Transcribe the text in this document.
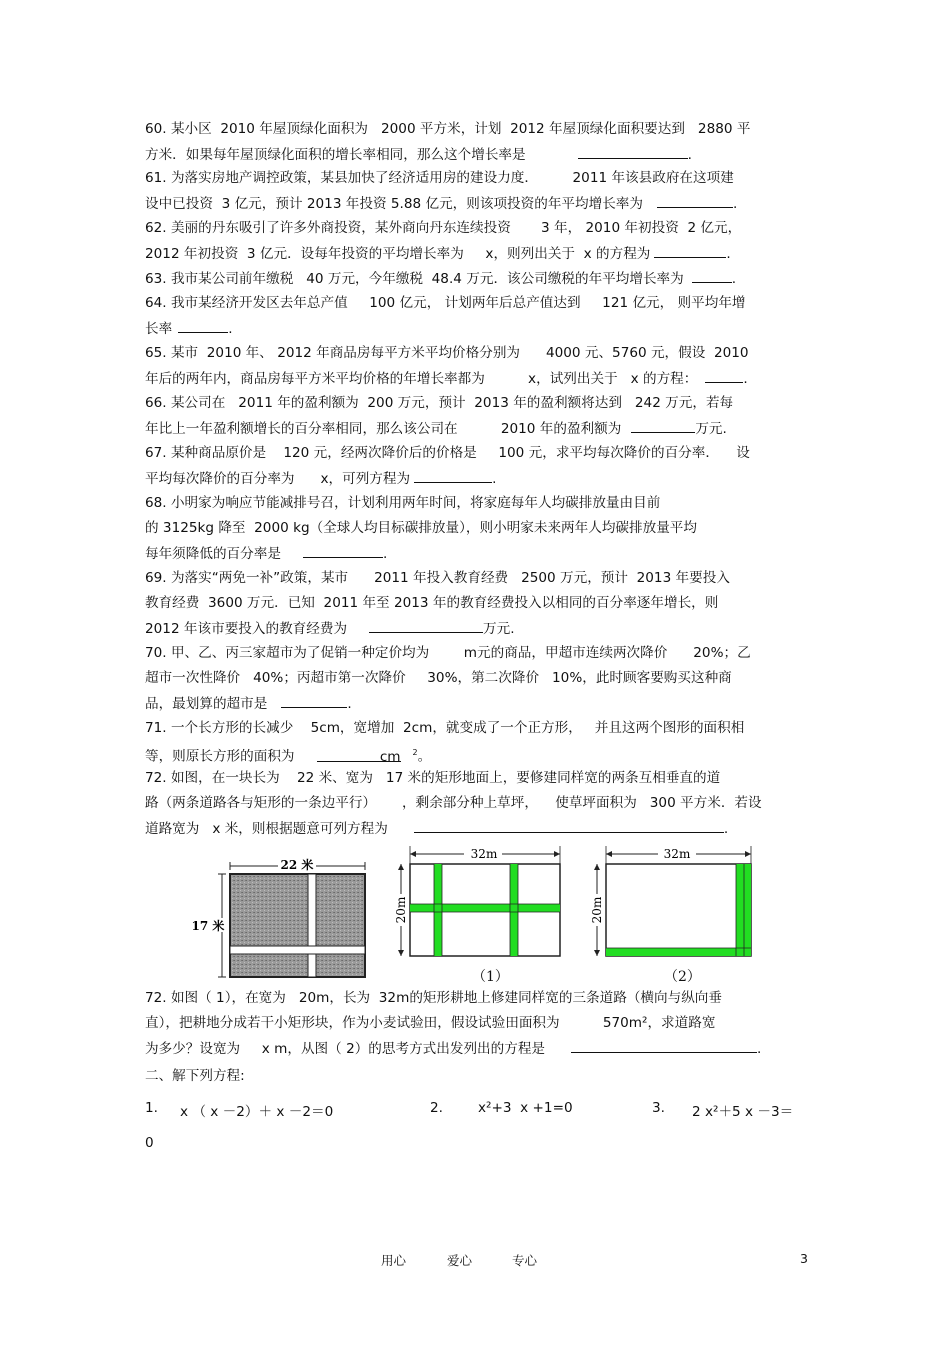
60. 某小区  2010 年屋顶绿化面积为   2000 平方米，计划  2012 年屋顶绿化面积要达到   2880 平
方米．如果每年屋顶绿化面积的增长率相同，那么这个增长率是	.
61. 为落实房地产调控政策，某县加快了经济适用房的建设力度．        2011 年该县政府在这项建
设中已投资  3 亿元，预计 2013 年投资 5.88 亿元，则该项投资的年平均增长率为	.
62. 美丽的丹东吸引了许多外商投资，某外商向丹东连续投资       3 年， 2010 年初投资  2 亿元，
2012 年初投资  3 亿元．设每年投资的平均增长率为     x，则列出关于  x 的方程为	.
63. 我市某公司前年缴税   40 万元，今年缴税  48.4 万元．该公司缴税的年平均增长率为	.
64. 我市某经济开发区去年总产值     100 亿元， 计划两年后总产值达到     121 亿元， 则平均年增
长率	.
65. 某市  2010 年、 2012 年商品房每平方米平均价格分别为      4000 元、5760 元，假设  2010
年后的两年内，商品房每平方米平均价格的年增长率都为          x，试列出关于   x 的方程：	.
66. 某公司在   2011 年的盈利额为  200 万元，预计  2013 年的盈利额将达到   242 万元，若每
年比上一年盈利额增长的百分率相同，那么该公司在          2010 年的盈利额为	万元.
67. 某种商品原价是    120 元，经两次降价后的价格是     100 元，求平均每次降价的百分率．    设
平均每次降价的百分率为      x，可列方程为	.
68. 小明家为响应节能减排号召，计划利用两年时间，将家庭每年人均碳排放量由目前
的 3125kg 降至  2000 kg（全球人均目标碳排放量），则小明家未来两年人均碳排放量平均
每年须降低的百分率是	.
69. 为落实“两免一补”政策，某市      2011 年投入教育经费   2500 万元，预计  2013 年要投入
教育经费  3600 万元．已知  2011 年至 2013 年的教育经费投入以相同的百分率逐年增长，则
2012 年该市要投入的教育经费为	万元.
70. 甲、乙、丙三家超市为了促销一种定价均为        m元的商品，甲超市连续两次降价      20%；乙
超市一次性降价   40%；丙超市第一次降价     30%，第二次降价   10%，此时顾客要购买这种商
品，最划算的超市是	.
71. 一个长方形的长减少    5cm，宽增加  2cm，就变成了一个正方形，   并且这两个图形的面积相
等，则原长方形的面积为	cm $^2$。
72. 如图，在一块长为    22 米、宽为   17 米的矩形地面上，要修建同样宽的两条互相垂直的道
路（两条道路各与矩形的一条边平行）      ，剩余部分种上草坪，    使草坪面积为   300 平方米．若设
道路宽为   x 米，则根据题意可列方程为	.
22 米
17 米
32m
20m
（1）
32m
20m
（2）
72. 如图（ 1），在宽为   20m，长为  32m的矩形耕地上修建同样宽的三条道路（横向与纵向垂
直），把耕地分成若干小矩形块，作为小麦试验田，假设试验田面积为          570m²，求道路宽
为多少？设宽为     x m，从图（ 2）的思考方式出发列出的方程是	.
二、解下列方程:
1. x （ x －2）＋ x －2＝0	2.	x²+3  x +1=0	3. 2 x²＋5 x －3＝
0
用心	爱心	专心	3
